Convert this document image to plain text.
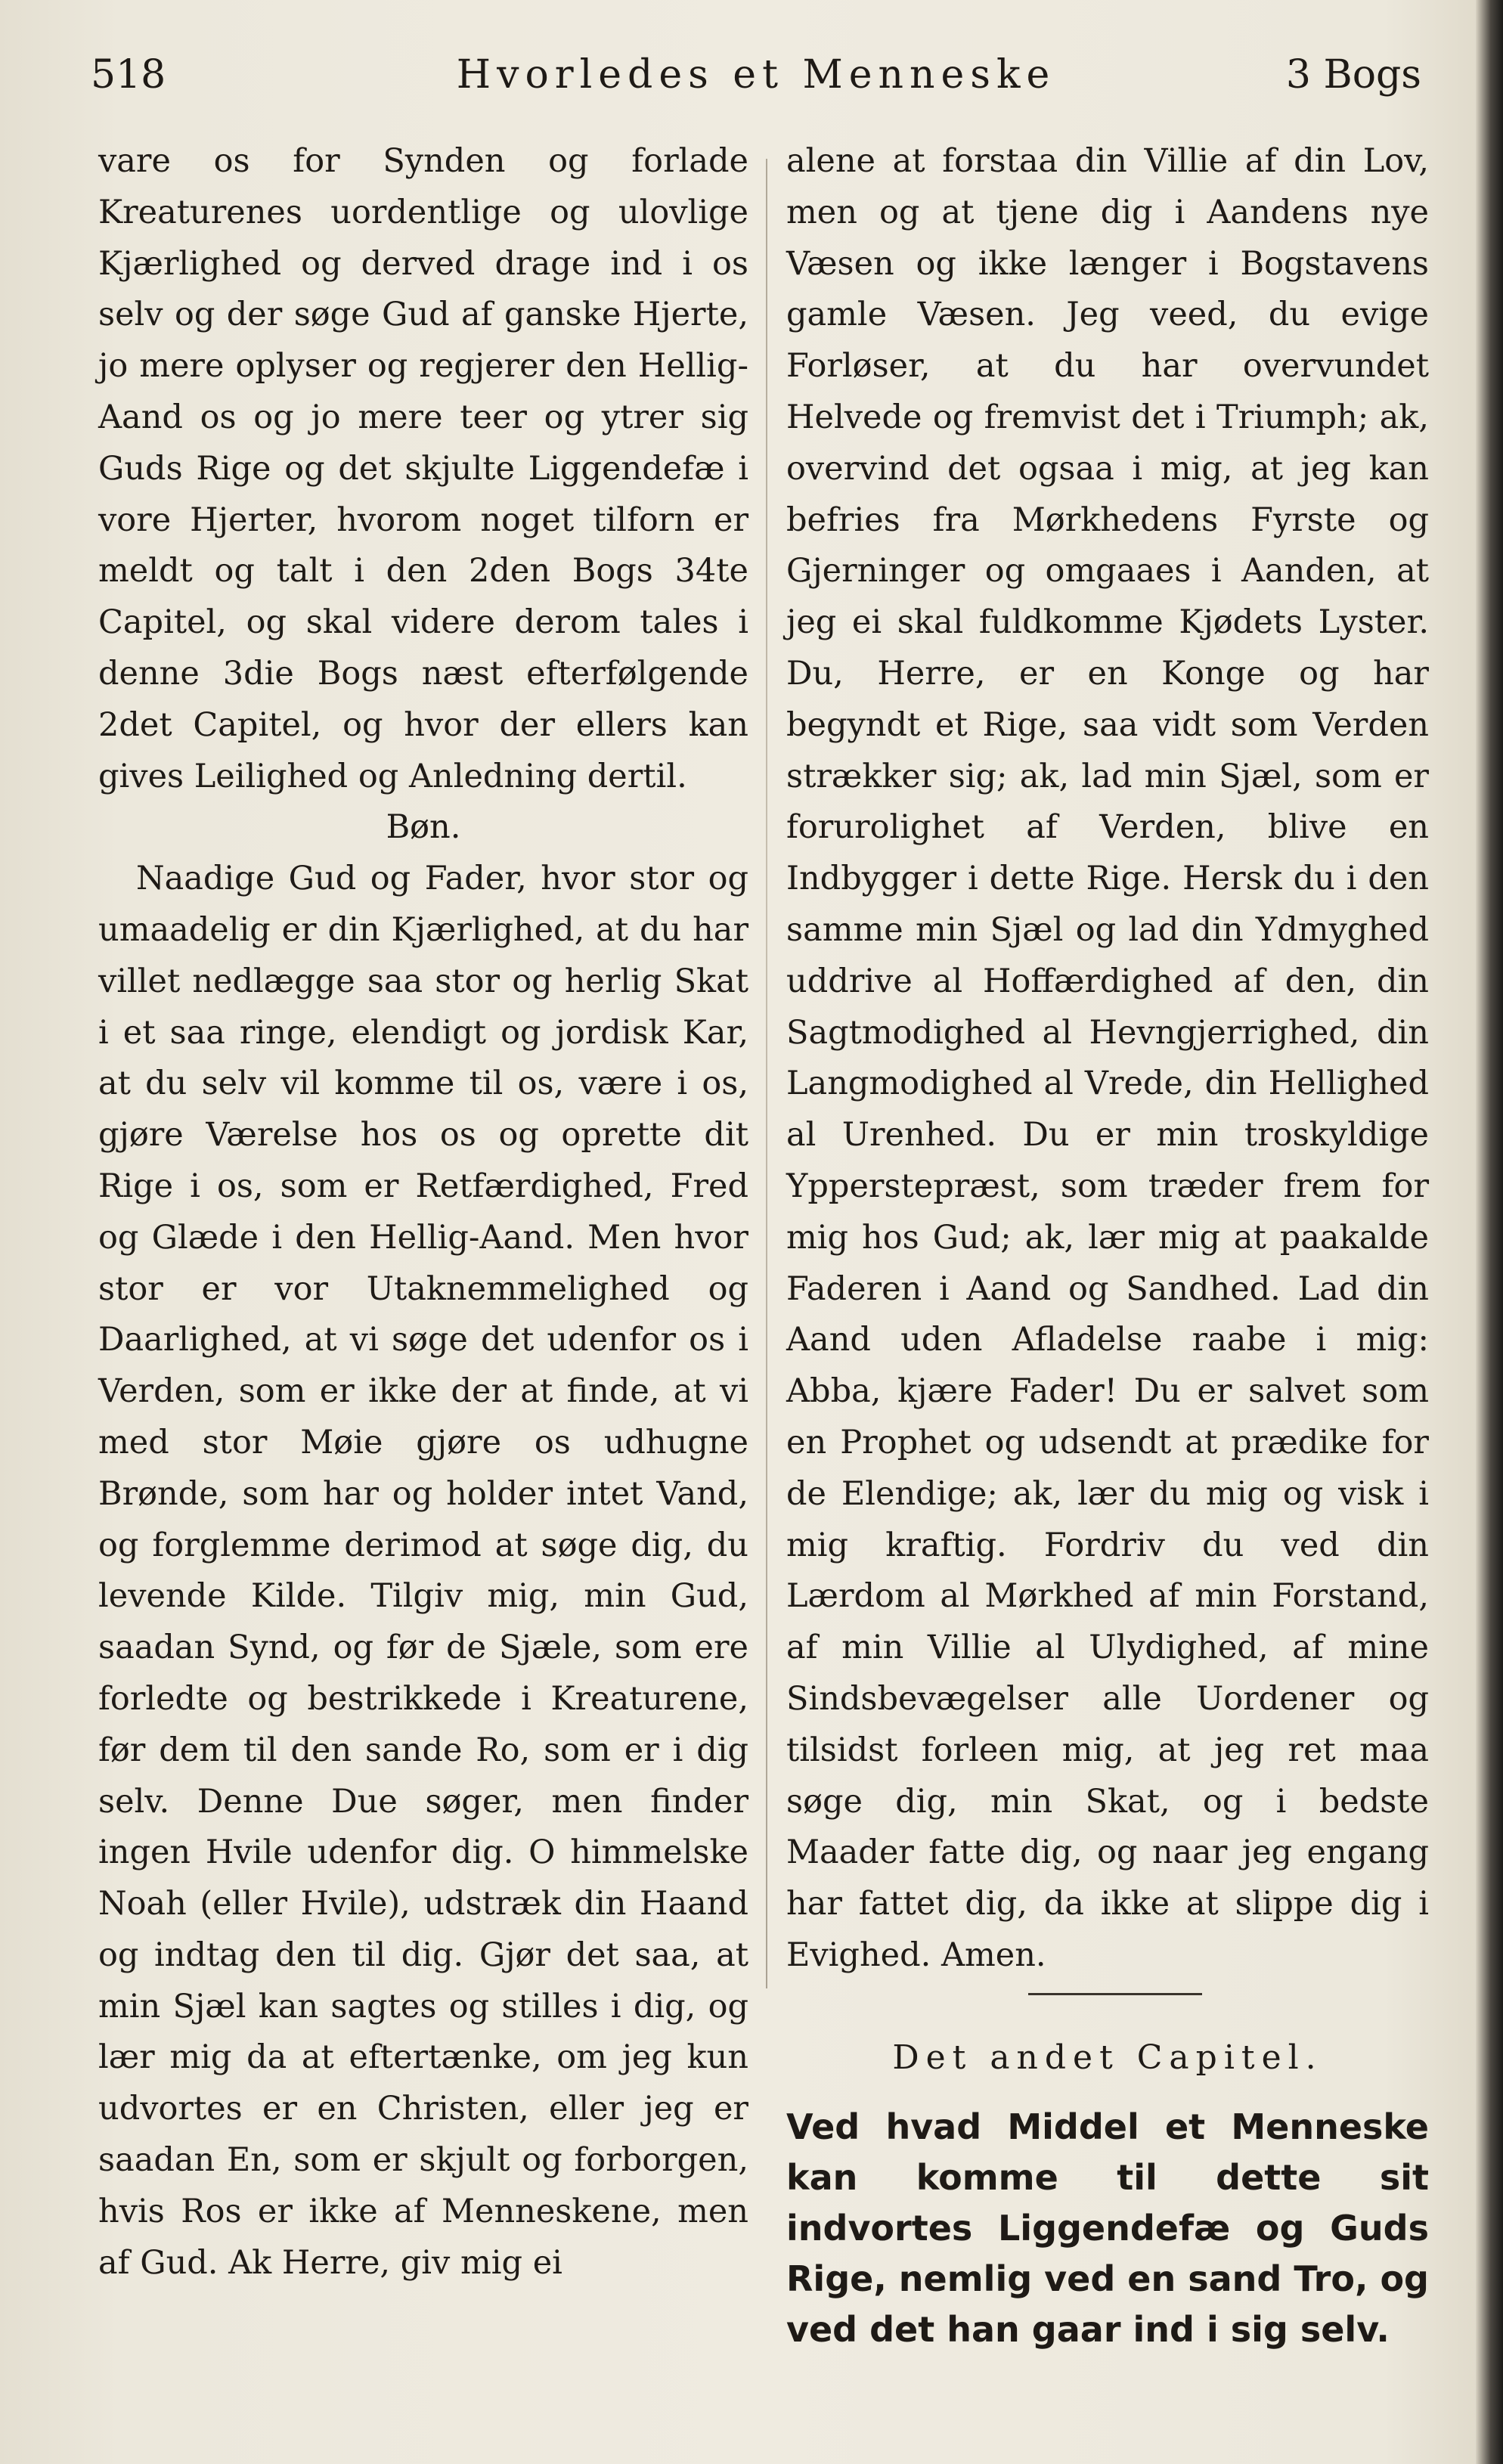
518	Hvorledes et Menneske	3 Bogs

vare os for Synden og forlade Kreaturenes uordentlige og ulovlige Kjærlighed og derved drage ind i os selv og der søge Gud af ganske Hjerte, jo mere oplyser og regjerer den Hellig-Aand os og jo mere teer og ytrer sig Guds Rige og det skjulte Liggendefæ i vore Hjerter, hvorom noget tilforn er meldt og talt i den 2den Bogs 34te Capitel, og skal videre derom tales i denne 3die Bogs næst efterfølgende 2det Capitel, og hvor der ellers kan gives Leilighed og Anledning dertil.

Bøn.

Naadige Gud og Fader, hvor stor og umaadelig er din Kjærlighed, at du har villet nedlægge saa stor og herlig Skat i et saa ringe, elendigt og jordisk Kar, at du selv vil komme til os, være i os, gjøre Værelse hos os og oprette dit Rige i os, som er Retfærdighed, Fred og Glæde i den Hellig-Aand. Men hvor stor er vor Utaknemmelighed og Daarlighed, at vi søge det udenfor os i Verden, som er ikke der at finde, at vi med stor Møie gjøre os udhugne Brønde, som har og holder intet Vand, og forglemme derimod at søge dig, du levende Kilde. Tilgiv mig, min Gud, saadan Synd, og før de Sjæle, som ere forledte og bestrikkede i Kreaturene, før dem til den sande Ro, som er i dig selv. Denne Due søger, men finder ingen Hvile udenfor dig. O himmelske Noah (eller Hvile), udstræk din Haand og indtag den til dig. Gjør det saa, at min Sjæl kan sagtes og stilles i dig, og lær mig da at eftertænke, om jeg kun udvortes er en Christen, eller jeg er saadan En, som er skjult og forborgen, hvis Ros er ikke af Menneskene, men af Gud. Ak Herre, giv mig ei

alene at forstaa din Villie af din Lov, men og at tjene dig i Aandens nye Væsen og ikke længer i Bogstavens gamle Væsen. Jeg veed, du evige Forløser, at du har overvundet Helvede og fremvist det i Triumph; ak, overvind det ogsaa i mig, at jeg kan befries fra Mørkhedens Fyrste og Gjerninger og omgaaes i Aanden, at jeg ei skal fuldkomme Kjødets Lyster. Du, Herre, er en Konge og har begyndt et Rige, saa vidt som Verden strækker sig; ak, lad min Sjæl, som er forurolighet af Verden, blive en Indbygger i dette Rige. Hersk du i den samme min Sjæl og lad din Ydmyghed uddrive al Hoffærdighed af den, din Sagtmodighed al Hevngjerrighed, din Langmodighed al Vrede, din Hellighed al Urenhed. Du er min troskyldige Ypperstepræst, som træder frem for mig hos Gud; ak, lær mig at paakalde Faderen i Aand og Sandhed. Lad din Aand uden Afladelse raabe i mig: Abba, kjære Fader! Du er salvet som en Prophet og udsendt at prædike for de Elendige; ak, lær du mig og visk i mig kraftig. Fordriv du ved din Lærdom al Mørkhed af min Forstand, af min Villie al Ulydighed, af mine Sindsbevægelser alle Uordener og tilsidst forleen mig, at jeg ret maa søge dig, min Skat, og i bedste Maader fatte dig, og naar jeg engang har fattet dig, da ikke at slippe dig i Evighed. Amen.

Det andet Capitel.
Ved hvad Middel et Menneske kan komme til dette sit indvortes Liggendefæ og Guds Rige, nemlig ved en sand Tro, og ved det han gaar ind i sig selv.
